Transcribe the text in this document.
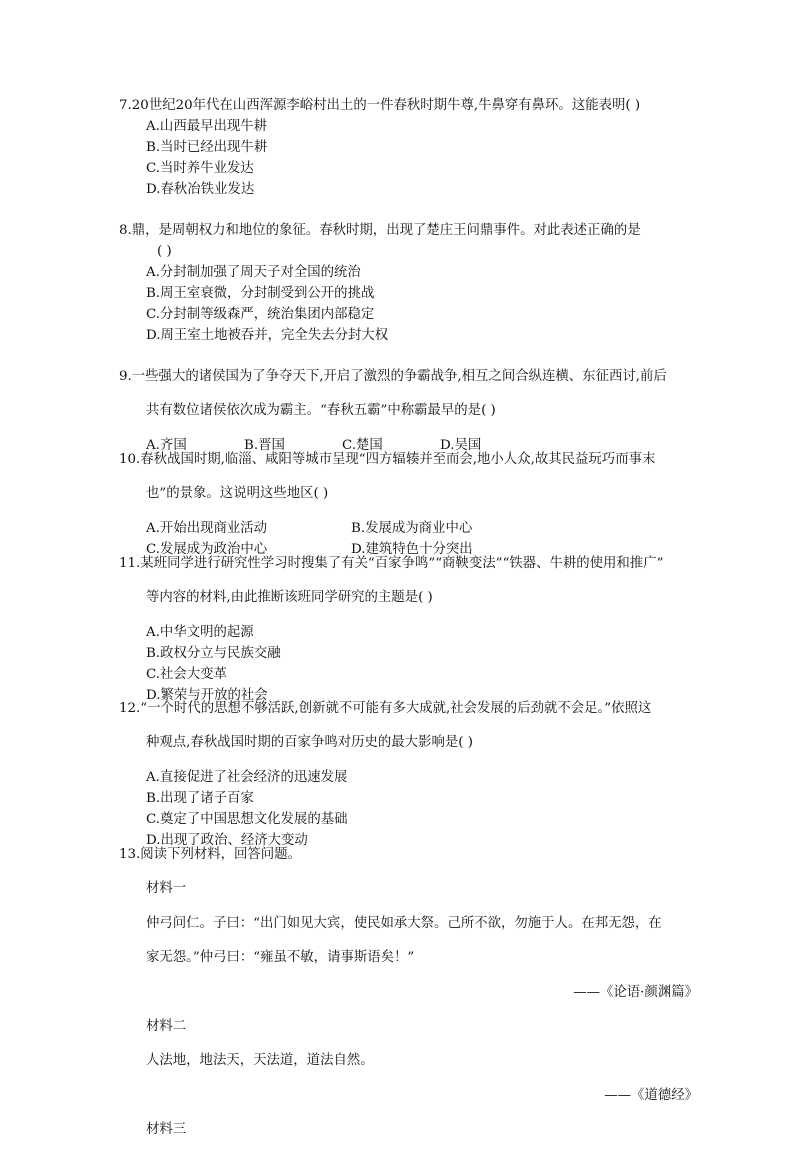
7.20世纪20年代在山西浑源李峪村出土的一件春秋时期牛尊,牛鼻穿有鼻环。这能表明( )

A.山西最早出现牛耕

B.当时已经出现牛耕

C.当时养牛业发达

D.春秋冶铁业发达

8.鼎，是周朝权力和地位的象征。春秋时期，出现了楚庄王问鼎事件。对此表述正确的是

( )

A.分封制加强了周天子对全国的统治

B.周王室衰微，分封制受到公开的挑战

C.分封制等级森严，统治集团内部稳定

D.周王室土地被吞并，完全失去分封大权

9.一些强大的诸侯国为了争夺天下,开启了激烈的争霸战争,相互之间合纵连横、东征西讨,前后

共有数位诸侯依次成为霸主。“春秋五霸”中称霸最早的是( )

A.齐国	B.晋国	C.楚国	D.吴国

10.春秋战国时期,临淄、咸阳等城市呈现“四方辐辏并至而会,地小人众,故其民益玩巧而事末

也”的景象。这说明这些地区( )

A.开始出现商业活动	B.发展成为商业中心
C.发展成为政治中心	D.建筑特色十分突出

11.某班同学进行研究性学习时搜集了有关“百家争鸣”“商鞅变法”“铁器、牛耕的使用和推广”

等内容的材料,由此推断该班同学研究的主题是( )

A.中华文明的起源

B.政权分立与民族交融

C.社会大变革

D.繁荣与开放的社会

12.“一个时代的思想不够活跃,创新就不可能有多大成就,社会发展的后劲就不会足。”依照这

种观点,春秋战国时期的百家争鸣对历史的最大影响是( )

A.直接促进了社会经济的迅速发展

B.出现了诸子百家

C.奠定了中国思想文化发展的基础

D.出现了政治、经济大变动

13.阅读下列材料，回答问题。

材料一

仲弓问仁。子曰：“出门如见大宾，使民如承大祭。己所不欲，勿施于人。在邦无怨，在

家无怨。”仲弓曰：“雍虽不敏，请事斯语矣！”

——《论语·颜渊篇》

材料二

人法地，地法天，天法道，道法自然。

——《道德经》

材料三
